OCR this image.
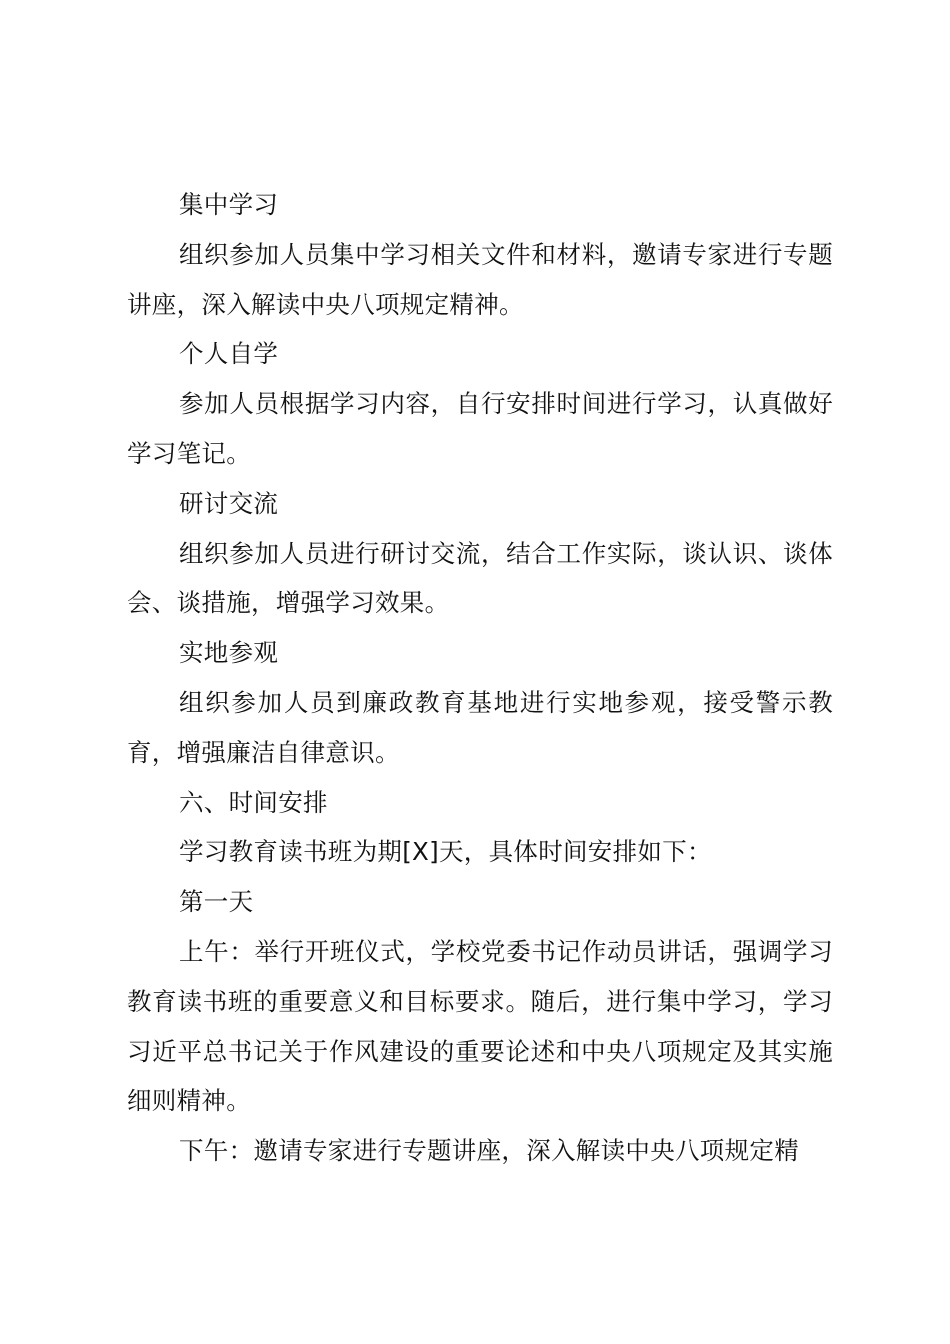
集中学习

组织参加人员集中学习相关文件和材料，邀请专家进行专题讲座，深入解读中央八项规定精神。

个人自学

参加人员根据学习内容，自行安排时间进行学习，认真做好学习笔记。

研讨交流

组织参加人员进行研讨交流，结合工作实际，谈认识、谈体会、谈措施，增强学习效果。

实地参观

组织参加人员到廉政教育基地进行实地参观，接受警示教育，增强廉洁自律意识。

六、时间安排

学习教育读书班为期[X]天，具体时间安排如下：

第一天

上午：举行开班仪式，学校党委书记作动员讲话，强调学习教育读书班的重要意义和目标要求。随后，进行集中学习，学习习近平总书记关于作风建设的重要论述和中央八项规定及其实施细则精神。

下午：邀请专家进行专题讲座，深入解读中央八项规定精
